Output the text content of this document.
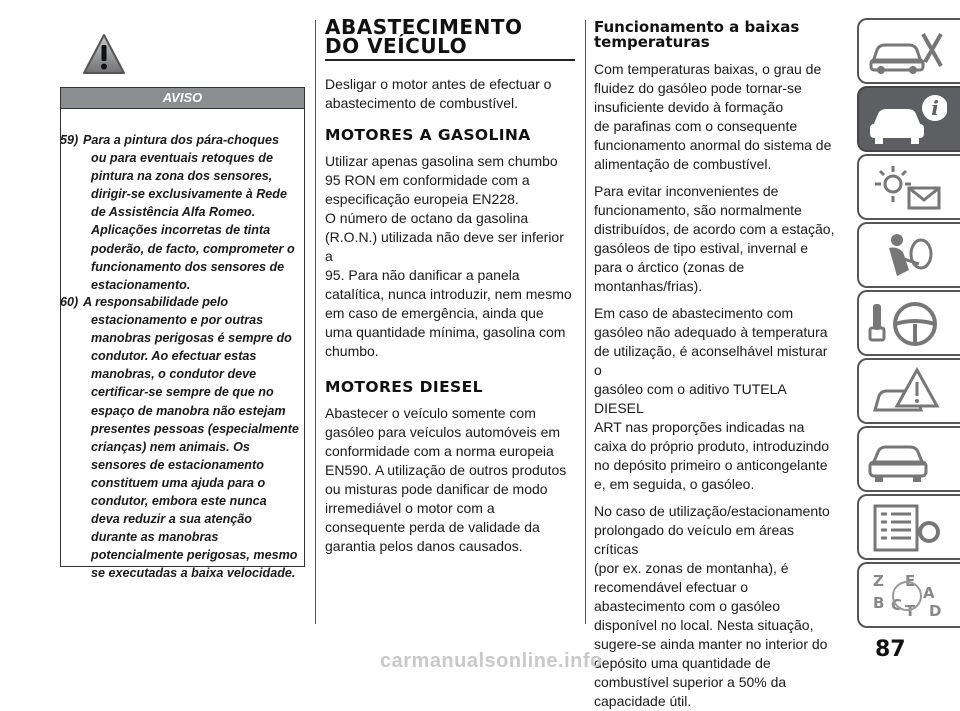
AVISO
59) Para a pintura dos pára-choques
ou para eventuais retoques de
pintura na zona dos sensores,
dirigir-se exclusivamente à Rede
de Assistência Alfa Romeo.
Aplicações incorretas de tinta
poderão, de facto, comprometer o
funcionamento dos sensores de
estacionamento.
60) A responsabilidade pelo
estacionamento e por outras
manobras perigosas é sempre do
condutor. Ao efectuar estas
manobras, o condutor deve
certificar-se sempre de que no
espaço de manobra não estejam
presentes pessoas (especialmente
crianças) nem animais. Os
sensores de estacionamento
constituem uma ajuda para o
condutor, embora este nunca
deva reduzir a sua atenção
durante as manobras
potencialmente perigosas, mesmo
se executadas a baixa velocidade.
ABASTECIMENTO
DO VEÍCULO
Desligar o motor antes de efectuar o
abastecimento de combustível.
MOTORES A GASOLINA
Utilizar apenas gasolina sem chumbo
95 RON em conformidade com a
especificação europeia EN228.
O número de octano da gasolina
(R.O.N.) utilizada não deve ser inferior a
95. Para não danificar a panela
catalítica, nunca introduzir, nem mesmo
em caso de emergência, ainda que
uma quantidade mínima, gasolina com
chumbo.
MOTORES DIESEL
Abastecer o veículo somente com
gasóleo para veículos automóveis em
conformidade com a norma europeia
EN590. A utilização de outros produtos
ou misturas pode danificar de modo
irremediável o motor com a
consequente perda de validade da
garantia pelos danos causados.
Funcionamento a baixas
temperaturas
Com temperaturas baixas, o grau de
fluidez do gasóleo pode tornar-se
insuficiente devido à formação
de parafinas com o consequente
funcionamento anormal do sistema de
alimentação de combustível.
Para evitar inconvenientes de
funcionamento, são normalmente
distribuídos, de acordo com a estação,
gasóleos de tipo estival, invernal e
para o árctico (zonas de
montanhas/frias).
Em caso de abastecimento com
gasóleo não adequado à temperatura
de utilização, é aconselhável misturar o
gasóleo com o aditivo TUTELA DIESEL
ART nas proporções indicadas na
caixa do próprio produto, introduzindo
no depósito primeiro o anticongelante
e, em seguida, o gasóleo.
No caso de utilização/estacionamento
prolongado do veículo em áreas críticas
(por ex. zonas de montanha), é
recomendável efectuar o
abastecimento com o gasóleo
disponível no local. Nesta situação,
sugere-se ainda manter no interior do
depósito uma quantidade de
combustível superior a 50% da
capacidade útil.
i
Z E
A
B C T D
87
carmanualsonline.info
